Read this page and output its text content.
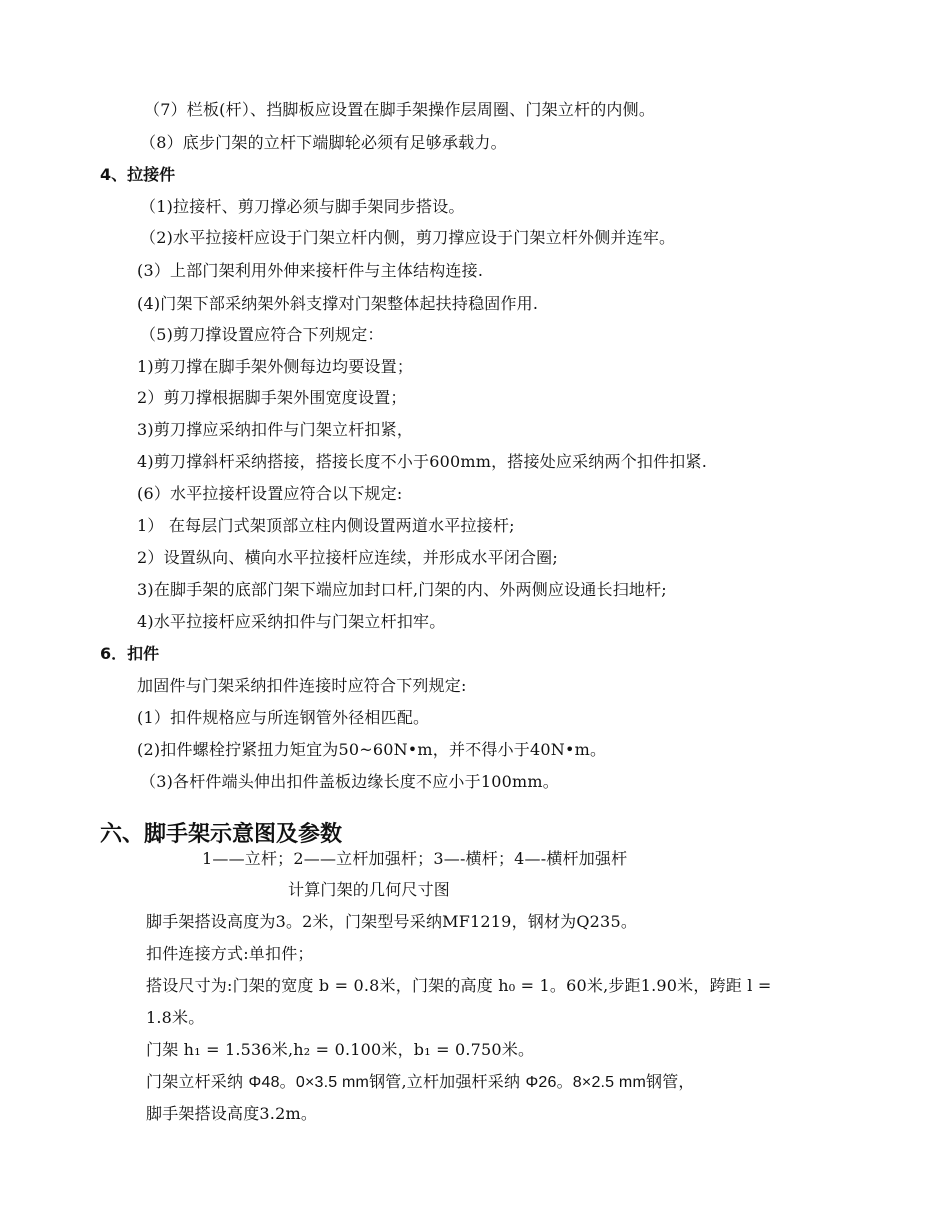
（7）栏板(杆）、挡脚板应设置在脚手架操作层周圈、门架立杆的内侧。
（8）底步门架的立杆下端脚轮必须有足够承载力。
4、拉接件
（1)拉接杆、剪刀撑必须与脚手架同步搭设。
（2)水平拉接杆应设于门架立杆内侧，剪刀撑应设于门架立杆外侧并连牢。
(3）上部门架利用外伸来接杆件与主体结构连接.
(4)门架下部采纳架外斜支撑对门架整体起扶持稳固作用.
（5)剪刀撑设置应符合下列规定：
1)剪刀撑在脚手架外侧每边均要设置；
2）剪刀撑根据脚手架外围宽度设置；
3)剪刀撑应采纳扣件与门架立杆扣紧，
4)剪刀撑斜杆采纳搭接，搭接长度不小于600mm，搭接处应采纳两个扣件扣紧.
(6）水平拉接杆设置应符合以下规定:
1） 在每层门式架顶部立柱内侧设置两道水平拉接杆;
2）设置纵向、横向水平拉接杆应连续，并形成水平闭合圈;
3)在脚手架的底部门架下端应加封口杆,门架的内、外两侧应设通长扫地杆;
4)水平拉接杆应采纳扣件与门架立杆扣牢。
6．扣件
加固件与门架采纳扣件连接时应符合下列规定:
(1）扣件规格应与所连钢管外径相匹配。
(2)扣件螺栓拧紧扭力矩宜为50~60N•m，并不得小于40N•m。
（3)各杆件端头伸出扣件盖板边缘长度不应小于100mm。
六、脚手架示意图及参数
1——立杆；2——立杆加强杆；3—-横杆；4—-横杆加强杆
计算门架的几何尺寸图
脚手架搭设高度为3。2米，门架型号采纳MF1219，钢材为Q235。
扣件连接方式:单扣件；
搭设尺寸为:门架的宽度 b = 0.8米，门架的高度 h₀ = 1。60米,步距1.90米，跨距 l =
1.8米。
门架 h₁ = 1.536米,h₂ = 0.100米，b₁ = 0.750米。
门架立杆采纳 Φ48。0×3.5 mm钢管,立杆加强杆采纳 Φ26。8×2.5 mm钢管，
脚手架搭设高度3.2m。
